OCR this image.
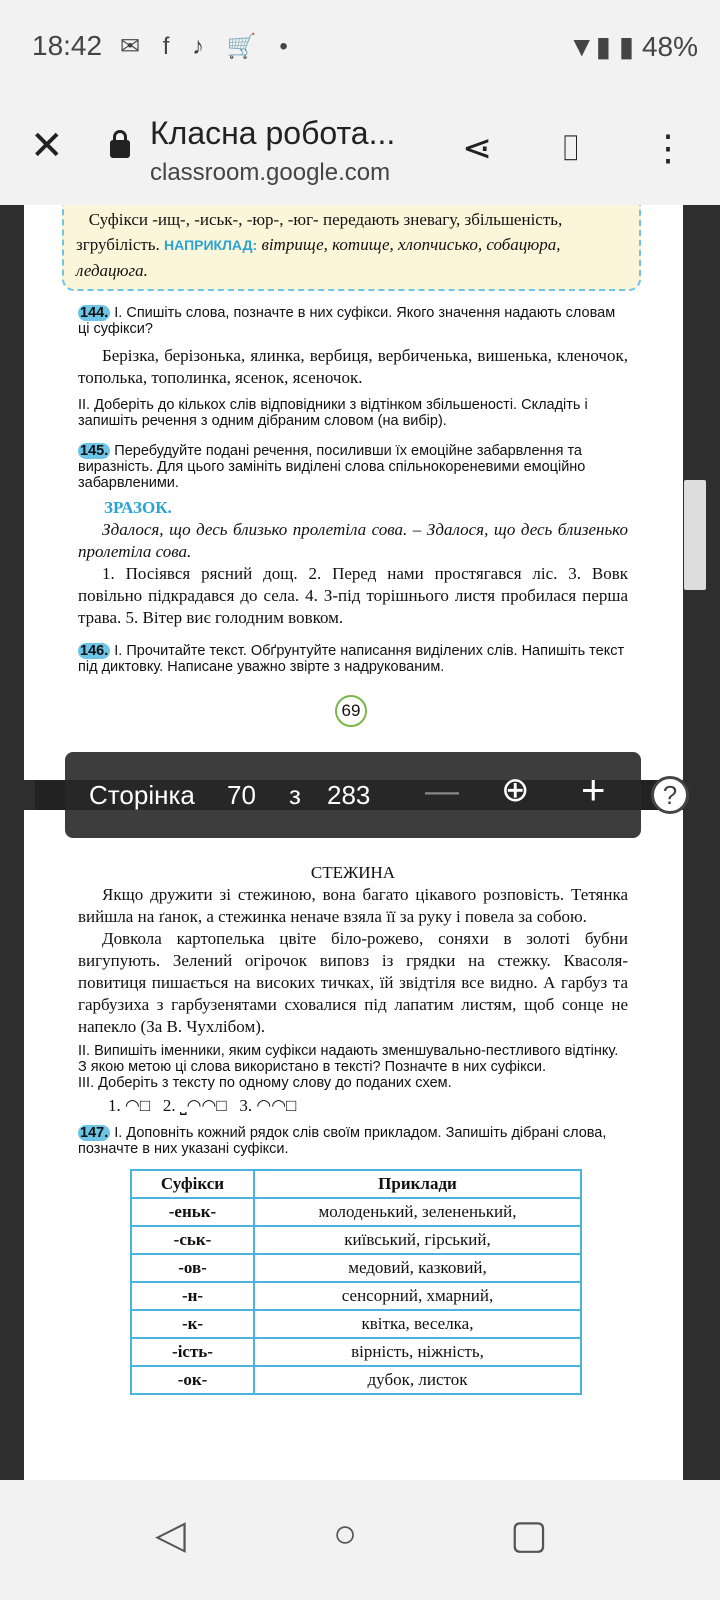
18:42 ✉ f ♪ 🛒 •	▼▮ ▮ 48%
✕	Класна робота...
classroom.google.com
⋖ ⌷ ⋮
Суфікси -ищ-, -иськ-, -юр-, -юг- передають зневагу, збільшеність, згрубілість. НАПРИКЛАД: вітрище, котище, хлопчисько, собацюра, ледацюга.
144. І. Спишіть слова, позначте в них суфікси. Якого значення надають словам ці суфікси?
Берізка, берізонька, ялинка, вербиця, вербиченька, вишенька, кленочок, тополька, тополинка, ясенок, ясеночок.
ІІ. Доберіть до кількох слів відповідники з відтінком збільшеності. Складіть і запишіть речення з одним дібраним словом (на вибір).
145. Перебудуйте подані речення, посиливши їх емоційне забарвлення та виразність. Для цього замініть виділені слова спільнокореневими емоційно забарвленими.
ЗРАЗОК.
Здалося, що десь близько пролетіла сова. – Здалося, що десь близенько пролетіла сова.
1. Посіявся рясний дощ. 2. Перед нами простягався ліс. 3. Вовк повільно підкрадався до села. 4. З-під торішнього листя пробилася перша трава. 5. Вітер виє голодним вовком.
146. І. Прочитайте текст. Обґрунтуйте написання виділених слів. Напишіть текст під диктовку. Написане уважно звірте з надрукованим.
69
СТЕЖИНА
Якщо дружити зі стежиною, вона багато цікавого розповість. Тетянка вийшла на ґанок, а стежинка неначе взяла її за руку і повела за собою.
Довкола картопелька цвіте біло-рожево, соняхи в золоті бубни вигупують. Зелений огірочок виповз із грядки на стежку. Квасоля-повитиця пишається на високих тичках, їй звідтіля все видно. А гарбуз та гарбузиха з гарбузенятами сховалися під лапатим листям, щоб сонце не напекло (За В. Чухлібом).
ІІ. Випишіть іменники, яким суфікси надають зменшувально-пестливого відтінку. З якою метою ці слова використано в тексті? Позначте в них суфікси.
ІІІ. Доберіть з тексту по одному слову до поданих схем.
1. ◠□   2. ⎵◠◠□   3. ◠◠□
147. І. Доповніть кожний рядок слів своїм прикладом. Запишіть дібрані слова, позначте в них указані суфікси.
Суфікси	Приклади
-еньк-	молоденький, зелененький,
-ськ-	київський, гірський,
-ов-	медовий, казковий,
-н-	сенсорний, хмарний,
-к-	квітка, веселка,
-ість-	вірність, ніжність,
-ок-	дубок, листок
Сторінка 70 з 283 — ⊕ +	?
◁	○	▢
